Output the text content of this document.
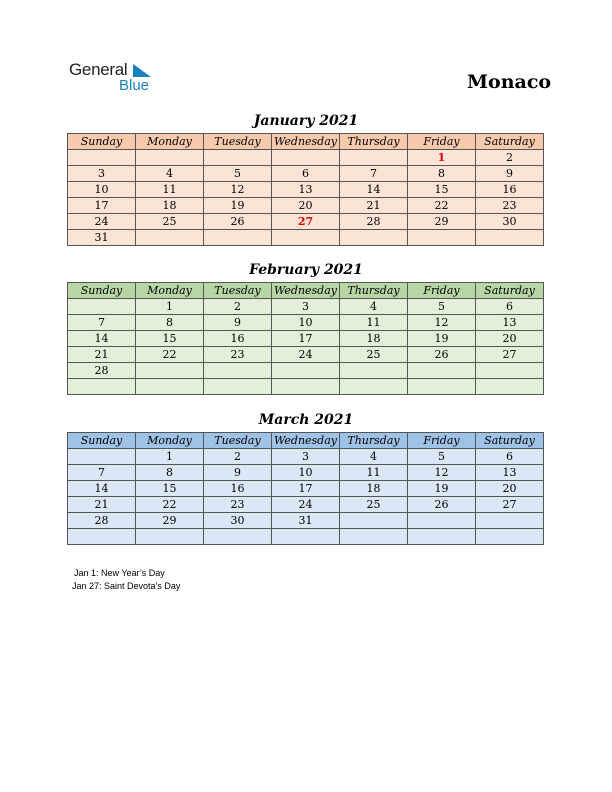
General
Blue	Monaco
January 2021
Sunday	Monday	Tuesday	Wednesday	Thursday	Friday	Saturday
					1	2
3	4	5	6	7	8	9
10	11	12	13	14	15	16
17	18	19	20	21	22	23
24	25	26	27	28	29	30
31						
February 2021
Sunday	Monday	Tuesday	Wednesday	Thursday	Friday	Saturday
	1	2	3	4	5	6
7	8	9	10	11	12	13
14	15	16	17	18	19	20
21	22	23	24	25	26	27
28						

March 2021
Sunday	Monday	Tuesday	Wednesday	Thursday	Friday	Saturday
	1	2	3	4	5	6
7	8	9	10	11	12	13
14	15	16	17	18	19	20
21	22	23	24	25	26	27
28	29	30	31			

Jan 1: New Year’s Day
Jan 27: Saint Devota’s Day
